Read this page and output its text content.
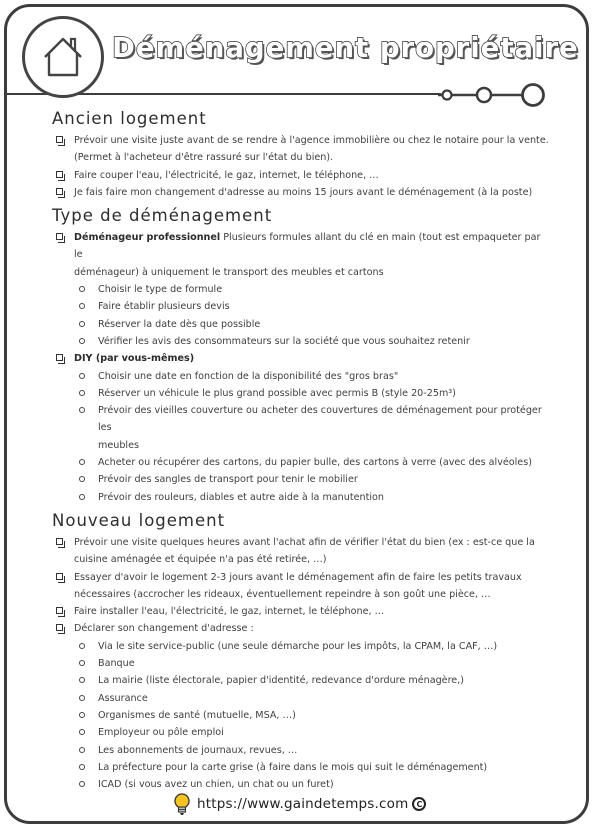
Déménagement propriétaire
Ancien logement
Prévoir une visite juste avant de se rendre à l'agence immobilière ou chez le notaire pour la vente.
(Permet à l'acheteur d'être rassuré sur l'état du bien).
Faire couper l'eau, l'électricité, le gaz, internet, le téléphone, …
Je fais faire mon changement d'adresse au moins 15 jours avant le déménagement (à la poste)
Type de déménagement
Déménageur professionnel Plusieurs formules allant du clé en main (tout est empaqueter par le
déménageur) à uniquement le transport des meubles et cartons
Choisir le type de formule
Faire établir plusieurs devis
Réserver la date dès que possible
Vérifier les avis des consommateurs sur la société que vous souhaitez retenir
DIY (par vous-mêmes)
Choisir une date en fonction de la disponibilité des "gros bras"
Réserver un véhicule le plus grand possible avec permis B (style 20-25m³)
Prévoir des vieilles couverture ou acheter des couvertures de déménagement pour protéger les
meubles
Acheter ou récupérer des cartons, du papier bulle, des cartons à verre (avec des alvéoles)
Prévoir des sangles de transport pour tenir le mobilier
Prévoir des rouleurs, diables et autre aide à la manutention
Nouveau logement
Prévoir une visite quelques heures avant l'achat afin de vérifier l'état du bien (ex : est-ce que la
cuisine aménagée et équipée n'a pas été retirée, …)
Essayer d'avoir le logement 2-3 jours avant le déménagement afin de faire les petits travaux
nécessaires (accrocher les rideaux, éventuellement repeindre à son goût une pièce, …
Faire installer l'eau, l'électricité, le gaz, internet, le téléphone, …
Déclarer son changement d'adresse :
Via le site service-public (une seule démarche pour les impôts, la CPAM, la CAF, …)
Banque
La mairie (liste électorale, papier d'identité, redevance d'ordure ménagère,)
Assurance
Organismes de santé (mutuelle, MSA, …)
Employeur ou pôle emploi
Les abonnements de journaux, revues, …
La préfecture pour la carte grise (à faire dans le mois qui suit le déménagement)
ICAD (si vous avez un chien, un chat ou un furet)
https://www.gaindetemps.com	C
